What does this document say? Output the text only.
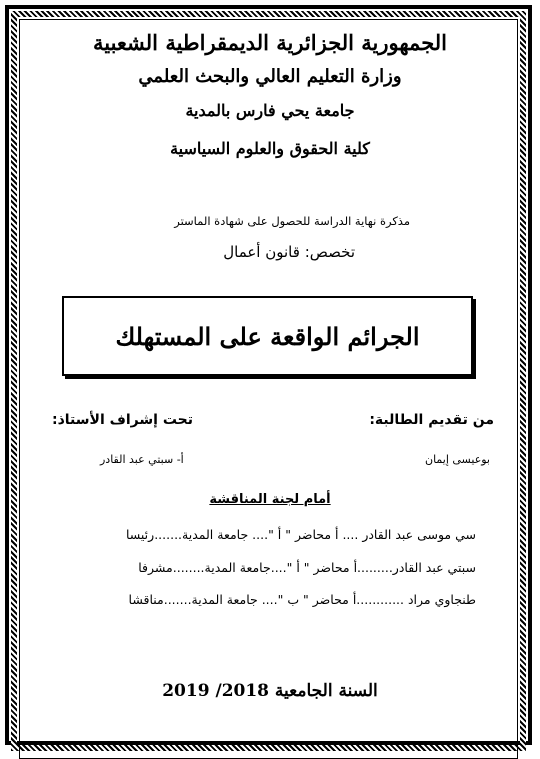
الجمهورية الجزائرية الديمقراطية الشعبية
وزارة التعليم العالي والبحث العلمي
جامعة يحي فارس بالمدية
كلية الحقوق والعلوم السياسية
مذكرة نهاية الدراسة للحصول على شهادة الماستر
تخصص: قانون أعمال
الجرائم الواقعة على المستهلك
من تقديم الطالبة:
تحت إشراف الأستاذ:
بوعيسى إيمان
أ- سبتي عبد القادر
أمام لجنة المناقشة
سي موسى عبد القادر .... أ محاضر " أ ".... جامعة المدية.......رئيسا
سبتي عبد القادر.........أ محاضر " أ "....جامعة المدية........مشرفا
طنجاوي مراد ............أ محاضر " ب ".... جامعة المدية.......مناقشا
السنة الجامعية 2018/ 2019
